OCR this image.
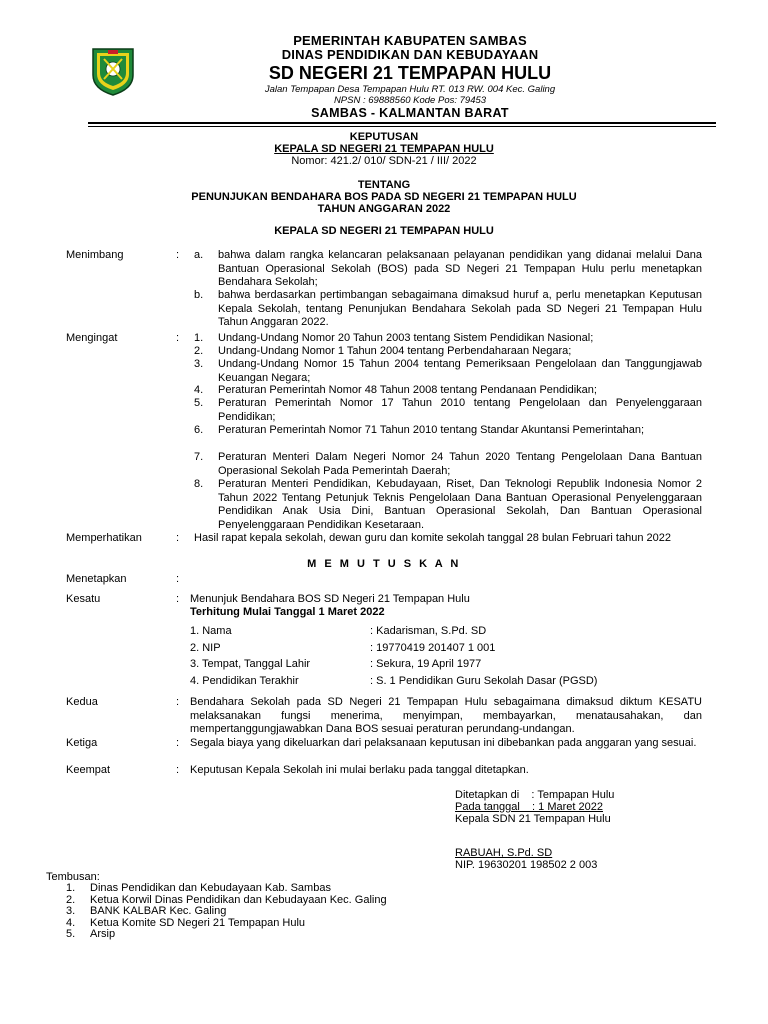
PEMERINTAH KABUPATEN SAMBAS
DINAS PENDIDIKAN DAN KEBUDAYAAN
SD NEGERI 21 TEMPAPAN HULU
Jalan Tempapan Desa Tempapan Hulu RT. 013 RW. 004 Kec. Galing
NPSN : 69888560 Kode Pos: 79453
SAMBAS - KALMANTAN BARAT
KEPUTUSAN
KEPALA SD NEGERI 21 TEMPAPAN HULU
Nomor: 421.2/ 010/ SDN-21 / III/ 2022
TENTANG
PENUNJUKAN BENDAHARA BOS PADA SD NEGERI 21 TEMPAPAN HULU
TAHUN ANGGARAN 2022
KEPALA SD NEGERI 21 TEMPAPAN HULU
Menimbang	: a. bahwa dalam rangka kelancaran pelaksanaan pelayanan pendidikan yang didanai melalui Dana Bantuan Operasional Sekolah (BOS) pada SD Negeri 21 Tempapan Hulu perlu menetapkan Bendahara Sekolah;
b. bahwa berdasarkan pertimbangan sebagaimana dimaksud huruf a, perlu menetapkan Keputusan Kepala Sekolah, tentang Penunjukan Bendahara Sekolah pada SD Negeri 21 Tempapan Hulu Tahun Anggaran 2022.
Mengingat	: 1. Undang-Undang Nomor 20 Tahun 2003 tentang Sistem Pendidikan Nasional;
2. Undang-Undang Nomor 1 Tahun 2004 tentang Perbendaharaan Negara;
3. Undang-Undang Nomor 15 Tahun 2004 tentang Pemeriksaan Pengelolaan dan Tanggungjawab Keuangan Negara;
4. Peraturan Pemerintah Nomor 48 Tahun 2008 tentang Pendanaan Pendidikan;
5. Peraturan Pemerintah Nomor 17 Tahun 2010 tentang Pengelolaan dan Penyelenggaraan Pendidikan;
6. Peraturan Pemerintah Nomor 71 Tahun 2010 tentang Standar Akuntansi Pemerintahan;
7. Peraturan Menteri Dalam Negeri Nomor 24 Tahun 2020 Tentang Pengelolaan Dana Bantuan Operasional Sekolah Pada Pemerintah Daerah;
8. Peraturan Menteri Pendidikan, Kebudayaan, Riset, Dan Teknologi Republik Indonesia Nomor 2 Tahun 2022 Tentang Petunjuk Teknis Pengelolaan Dana Bantuan Operasional Penyelenggaraan Pendidikan Anak Usia Dini, Bantuan Operasional Sekolah, Dan Bantuan Operasional Penyelenggaraan Pendidikan Kesetaraan.
Memperhatikan	: Hasil rapat kepala sekolah, dewan guru dan komite sekolah tanggal 28 bulan Februari tahun 2022
M E M U T U S K A N
Menetapkan	:
Kesatu	: Menunjuk Bendahara BOS SD Negeri 21 Tempapan Hulu
Terhitung Mulai Tanggal 1 Maret 2022
1. Nama	: Kadarisman, S.Pd. SD
2. NIP	: 19770419 201407 1 001
3. Tempat, Tanggal Lahir	: Sekura, 19 April 1977
4. Pendidikan Terakhir	: S. 1 Pendidikan Guru Sekolah Dasar (PGSD)
Kedua	: Bendahara Sekolah pada SD Negeri 21 Tempapan Hulu sebagaimana dimaksud diktum KESATU melaksanakan fungsi menerima, menyimpan, membayarkan, menatausahakan, dan mempertanggungjawabkan Dana BOS sesuai peraturan perundang-undangan.
Ketiga	: Segala biaya yang dikeluarkan dari pelaksanaan keputusan ini dibebankan pada anggaran yang sesuai.
Keempat	: Keputusan Kepala Sekolah ini mulai berlaku pada tanggal ditetapkan.
Ditetapkan di    : Tempapan Hulu
Pada tanggal    : 1 Maret 2022
Kepala SDN 21 Tempapan Hulu
RABUAH, S.Pd. SD
NIP. 19630201 198502 2 003
Tembusan:
1.	Dinas Pendidikan dan Kebudayaan Kab. Sambas
2.	Ketua Korwil Dinas Pendidikan dan Kebudayaan Kec. Galing
3.	BANK KALBAR Kec. Galing
4.	Ketua Komite SD Negeri 21 Tempapan Hulu
5.	Arsip
